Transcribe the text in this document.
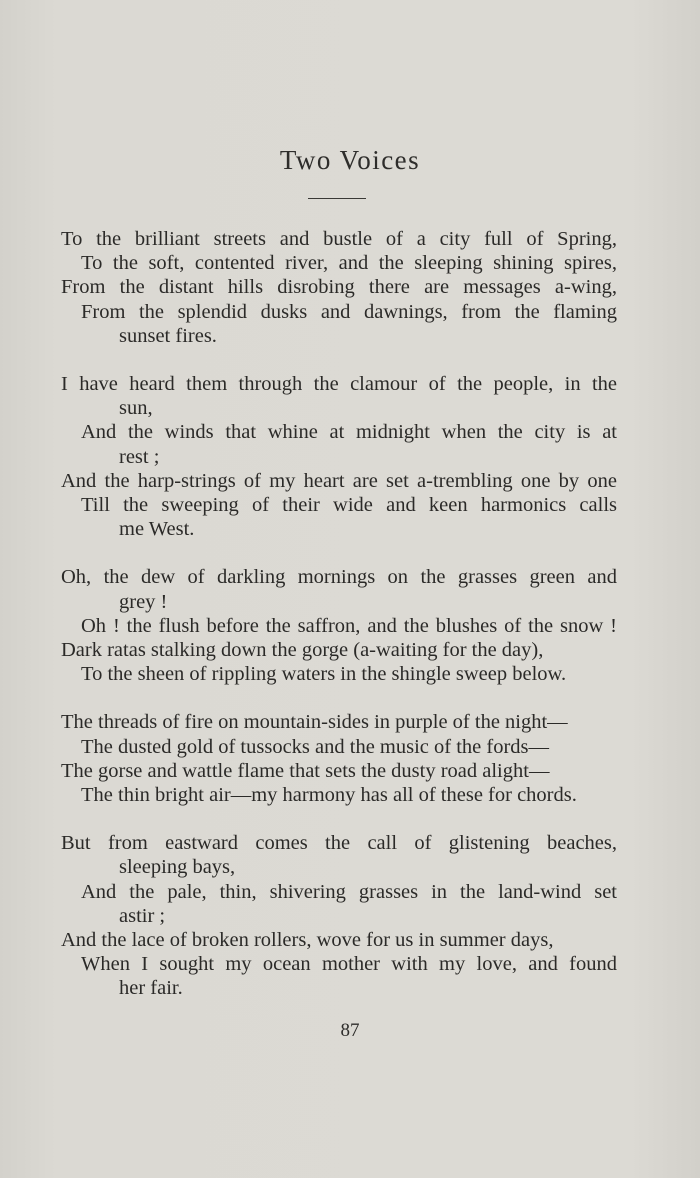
Two Voices
To the brilliant streets and bustle of a city full of Spring,
To the soft, contented river, and the sleeping shining spires,
From the distant hills disrobing there are messages a-wing,
From the splendid dusks and dawnings, from the flaming
sunset fires.
I have heard them through the clamour of the people, in the
sun,
And the winds that whine at midnight when the city is at
rest ;
And the harp-strings of my heart are set a-trembling one by one
Till the sweeping of their wide and keen harmonics calls
me West.
Oh, the dew of darkling mornings on the grasses green and
grey !
Oh ! the flush before the saffron, and the blushes of the snow !
Dark ratas stalking down the gorge (a-waiting for the day),
To the sheen of rippling waters in the shingle sweep below.
The threads of fire on mountain-sides in purple of the night—
The dusted gold of tussocks and the music of the fords—
The gorse and wattle flame that sets the dusty road alight—
The thin bright air—my harmony has all of these for chords.
But from eastward comes the call of glistening beaches,
sleeping bays,
And the pale, thin, shivering grasses in the land-wind set
astir ;
And the lace of broken rollers, wove for us in summer days,
When I sought my ocean mother with my love, and found
her fair.
87
